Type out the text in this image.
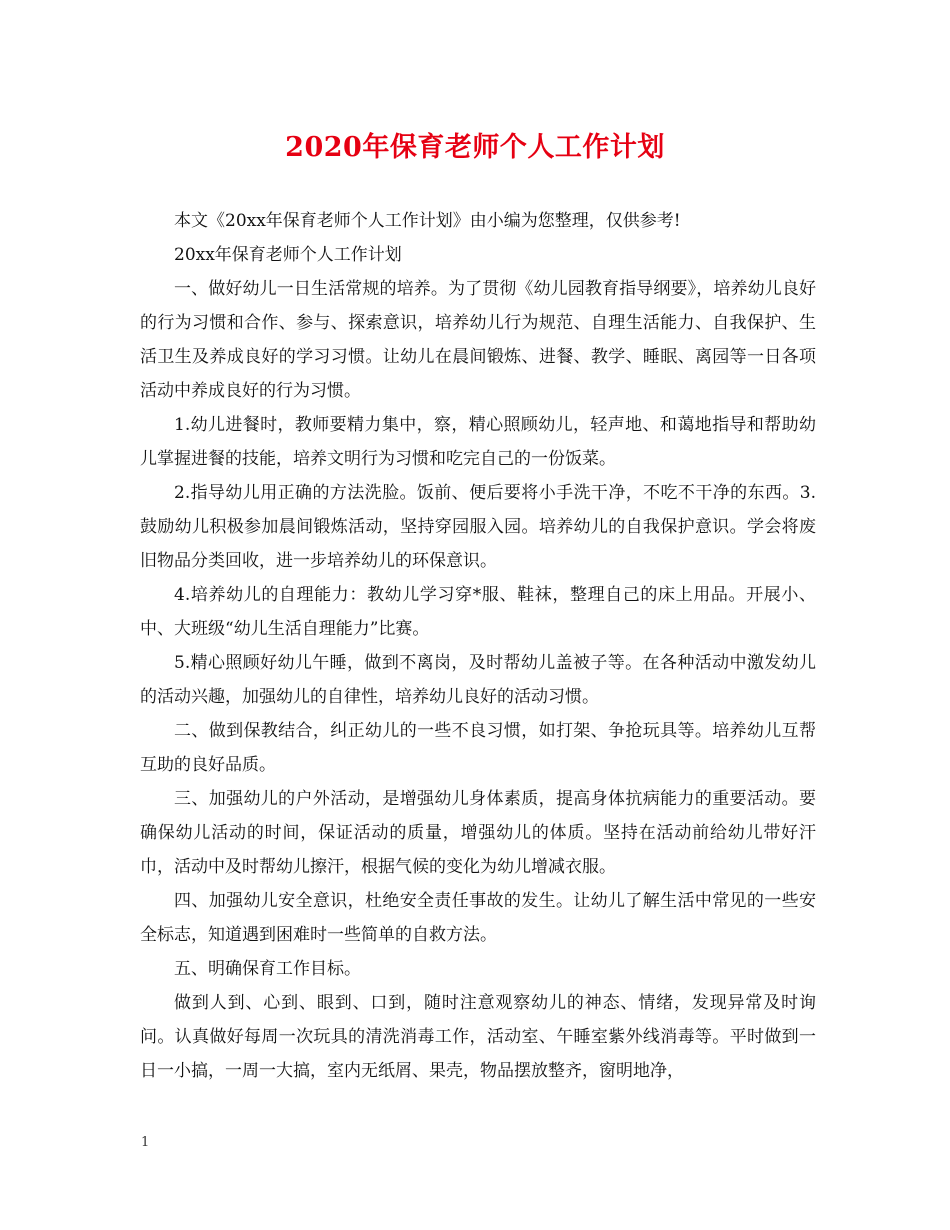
2020年保育老师个人工作计划

本文《20xx年保育老师个人工作计划》由小编为您整理，仅供参考!

20xx年保育老师个人工作计划

一、做好幼儿一日生活常规的培养。为了贯彻《幼儿园教育指导纲要》，培养幼儿良好的行为习惯和合作、参与、探索意识，培养幼儿行为规范、自理生活能力、自我保护、生活卫生及养成良好的学习习惯。让幼儿在晨间锻炼、进餐、教学、睡眠、离园等一日各项活动中养成良好的行为习惯。

1.幼儿进餐时，教师要精力集中，察，精心照顾幼儿，轻声地、和蔼地指导和帮助幼儿掌握进餐的技能，培养文明行为习惯和吃完自己的一份饭菜。

2.指导幼儿用正确的方法洗脸。饭前、便后要将小手洗干净，不吃不干净的东西。3.鼓励幼儿积极参加晨间锻炼活动，坚持穿园服入园。培养幼儿的自我保护意识。学会将废旧物品分类回收，进一步培养幼儿的环保意识。

4.培养幼儿的自理能力：教幼儿学习穿*服、鞋袜，整理自己的床上用品。开展小、中、大班级“幼儿生活自理能力”比赛。

5.精心照顾好幼儿午睡，做到不离岗，及时帮幼儿盖被子等。在各种活动中激发幼儿的活动兴趣，加强幼儿的自律性，培养幼儿良好的活动习惯。

二、做到保教结合，纠正幼儿的一些不良习惯，如打架、争抢玩具等。培养幼儿互帮互助的良好品质。

三、加强幼儿的户外活动，是增强幼儿身体素质，提高身体抗病能力的重要活动。要确保幼儿活动的时间，保证活动的质量，增强幼儿的体质。坚持在活动前给幼儿带好汗巾，活动中及时帮幼儿擦汗，根据气候的变化为幼儿增减衣服。

四、加强幼儿安全意识，杜绝安全责任事故的发生。让幼儿了解生活中常见的一些安全标志，知道遇到困难时一些简单的自救方法。

五、明确保育工作目标。

做到人到、心到、眼到、口到，随时注意观察幼儿的神态、情绪，发现异常及时询问。认真做好每周一次玩具的清洗消毒工作，活动室、午睡室紫外线消毒等。平时做到一日一小搞，一周一大搞，室内无纸屑、果壳，物品摆放整齐，窗明地净，

1
